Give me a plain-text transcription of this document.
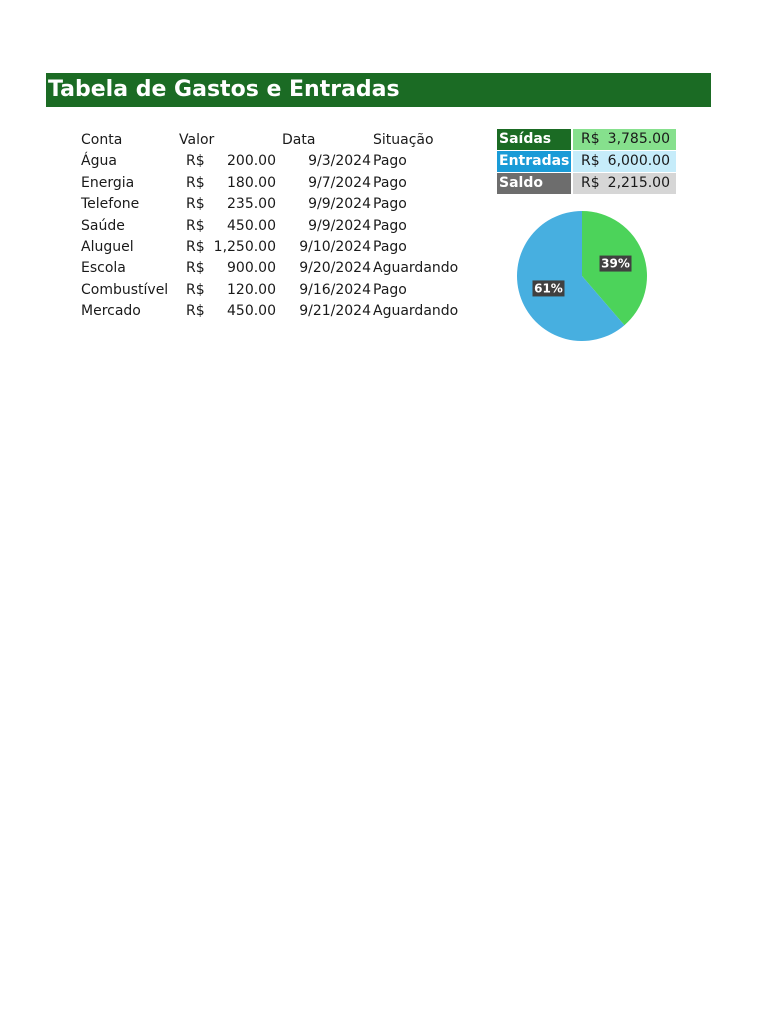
Tabela de Gastos e Entradas
Conta	Valor	Data	Situação
Água	R$	200.00	9/3/2024 Pago
Energia	R$	180.00	9/7/2024 Pago
Telefone	R$	235.00	9/9/2024 Pago
Saúde	R$	450.00	9/9/2024 Pago
Aluguel	R$ 1,250.00	9/10/2024 Pago
Escola	R$	900.00	9/20/2024 Aguardando
Combustível R$	120.00	9/16/2024 Pago
Mercado	R$	450.00	9/21/2024 Aguardando
Saídas	R$ 3,785.00
Entradas R$ 6,000.00
Saldo	R$ 2,215.00
39%
61%
